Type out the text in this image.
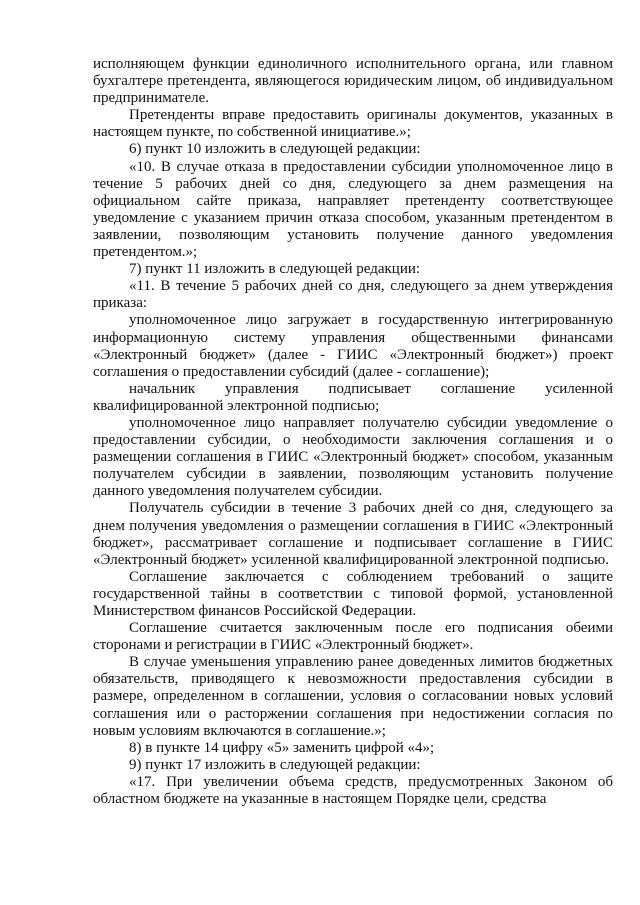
исполняющем функции единоличного исполнительного органа, или главном бухгалтере претендента, являющегося юридическим лицом, об индивидуальном предпринимателе.

Претенденты вправе предоставить оригиналы документов, указанных в настоящем пункте, по собственной инициативе.»;

6) пункт 10 изложить в следующей редакции:

«10. В случае отказа в предоставлении субсидии уполномоченное лицо в течение 5 рабочих дней со дня, следующего за днем размещения на официальном сайте приказа, направляет претенденту соответствующее уведомление с указанием причин отказа способом, указанным претендентом в заявлении, позволяющим установить получение данного уведомления претендентом.»;

7) пункт 11 изложить в следующей редакции:

«11. В течение 5 рабочих дней со дня, следующего за днем утверждения приказа:

уполномоченное лицо загружает в государственную интегрированную информационную систему управления общественными финансами «Электронный бюджет» (далее - ГИИС «Электронный бюджет») проект соглашения о предоставлении субсидий (далее - соглашение);

начальник управления подписывает соглашение усиленной квалифицированной электронной подписью;

уполномоченное лицо направляет получателю субсидии уведомление о предоставлении субсидии, о необходимости заключения соглашения и о размещении соглашения в ГИИС «Электронный бюджет» способом, указанным получателем субсидии в заявлении, позволяющим установить получение данного уведомления получателем субсидии.

Получатель субсидии в течение 3 рабочих дней со дня, следующего за днем получения уведомления о размещении соглашения в ГИИС «Электронный бюджет», рассматривает соглашение и подписывает соглашение в ГИИС «Электронный бюджет» усиленной квалифицированной электронной подписью.

Соглашение заключается с соблюдением требований о защите государственной тайны в соответствии с типовой формой, установленной Министерством финансов Российской Федерации.

Соглашение считается заключенным после его подписания обеими сторонами и регистрации в ГИИС «Электронный бюджет».

В случае уменьшения управлению ранее доведенных лимитов бюджетных обязательств, приводящего к невозможности предоставления субсидии в размере, определенном в соглашении, условия о согласовании новых условий соглашения или о расторжении соглашения при недостижении согласия по новым условиям включаются в соглашение.»;

8) в пункте 14 цифру «5» заменить цифрой «4»;

9) пункт 17 изложить в следующей редакции:

«17. При увеличении объема средств, предусмотренных Законом об областном бюджете на указанные в настоящем Порядке цели, средства
